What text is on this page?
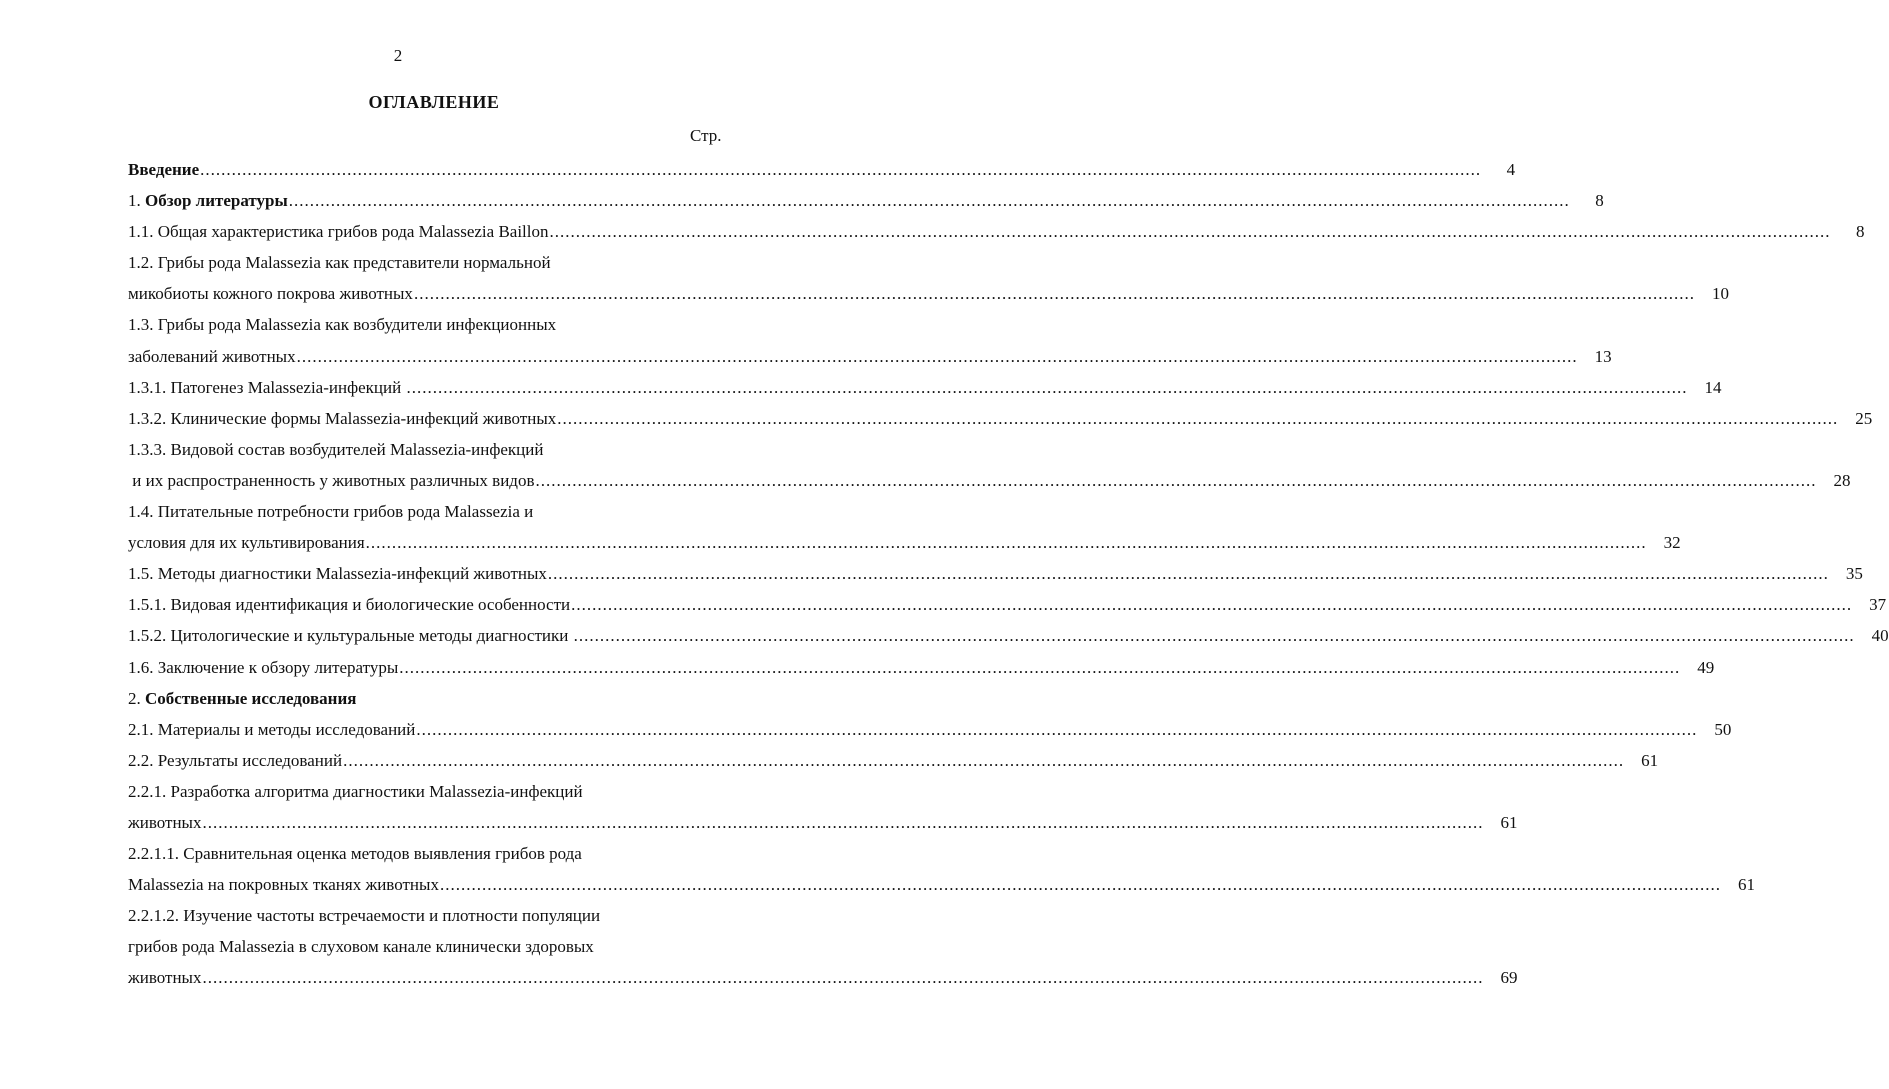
2
ОГЛАВЛЕНИЕ
Стр.
Введение .....	4
1. Обзор литературы .....	8
1.1. Общая характеристика грибов рода Malassezia Baillon .....	8
1.2. Грибы рода Malassezia как представители нормальной
микобиоты кожного покрова животных .....	10
1.3. Грибы рода Malassezia как возбудители инфекционных
заболеваний животных .....	13
1.3.1. Патогенез Malassezia-инфекций .....	14
1.3.2. Клинические формы Malassezia-инфекций животных .....	25
1.3.3. Видовой состав возбудителей Malassezia-инфекций
и их распространенность у животных различных видов .....	28
1.4. Питательные потребности грибов рода Malassezia и
условия для их культивирования .....	32
1.5. Методы диагностики Malassezia-инфекций животных .....	35
1.5.1. Видовая идентификация и биологические особенности .....	37
1.5.2. Цитологические и культуральные методы диагностики .....	40
1.6. Заключение к обзору литературы .....	49
2. Собственные исследования
2.1. Материалы и методы исследований .....	50
2.2. Результаты исследований .....	61
2.2.1. Разработка алгоритма диагностики Malassezia-инфекций
животных .....	61
2.2.1.1. Сравнительная оценка методов выявления грибов рода
Malassezia на покровных тканях животных .....	61
2.2.1.2. Изучение частоты встречаемости и плотности популяции
грибов рода Malassezia в слуховом канале клинически здоровых
животных .....	69
